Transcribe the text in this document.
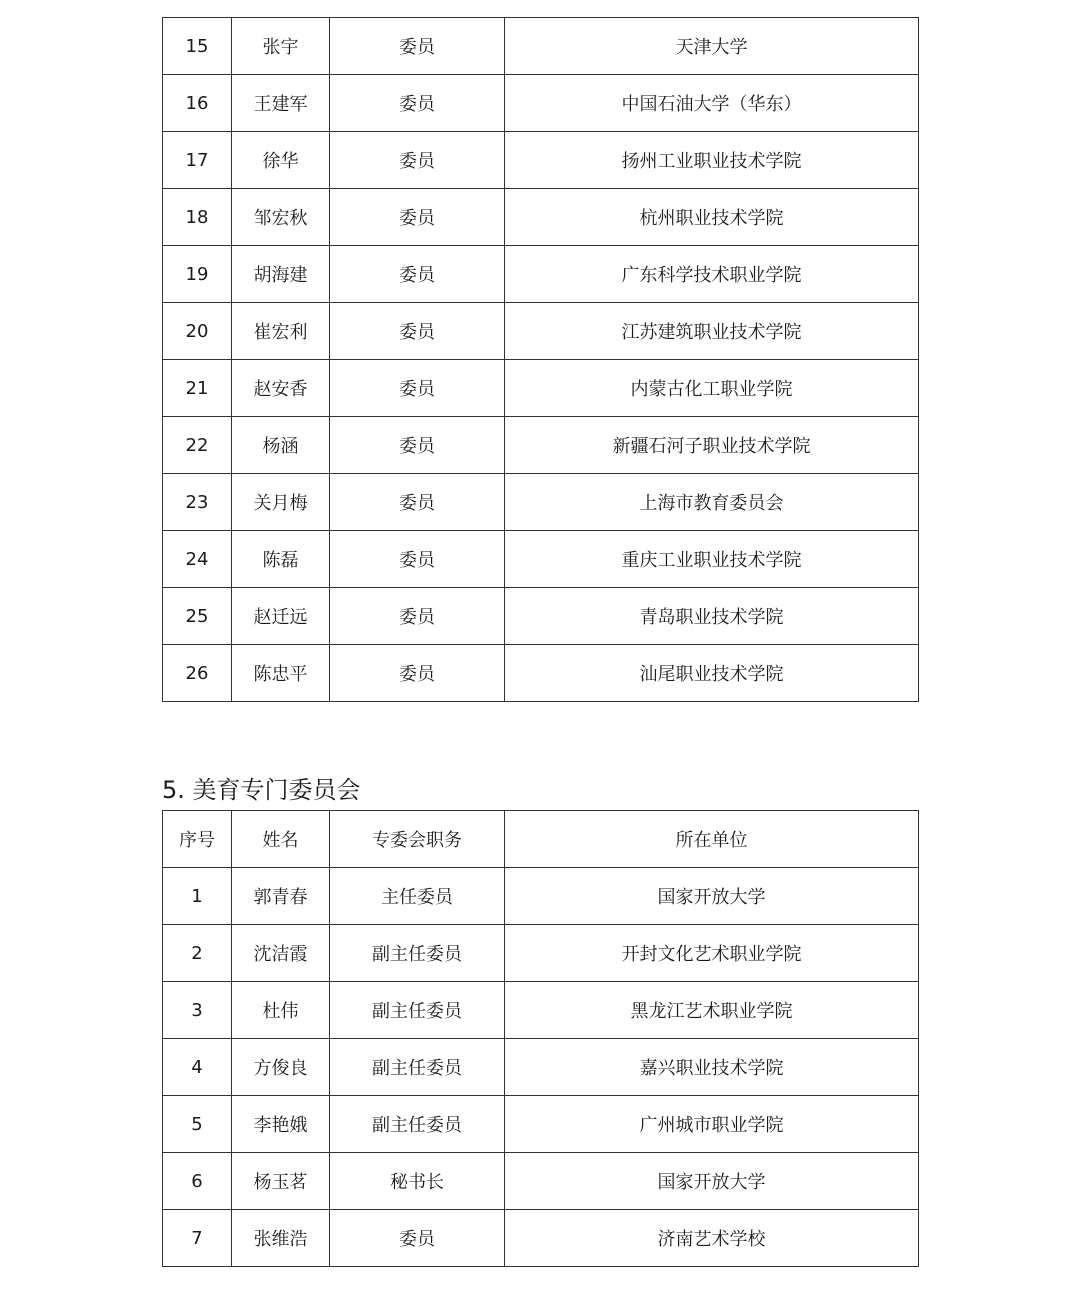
15	张宇	委员	天津大学
16	王建军	委员	中国石油大学（华东）
17	徐华	委员	扬州工业职业技术学院
18	邹宏秋	委员	杭州职业技术学院
19	胡海建	委员	广东科学技术职业学院
20	崔宏利	委员	江苏建筑职业技术学院
21	赵安香	委员	内蒙古化工职业学院
22	杨涵	委员	新疆石河子职业技术学院
23	关月梅	委员	上海市教育委员会
24	陈磊	委员	重庆工业职业技术学院
25	赵迁远	委员	青岛职业技术学院
26	陈忠平	委员	汕尾职业技术学院
5. 美育专门委员会
序号	姓名	专委会职务	所在单位
1	郭青春	主任委员	国家开放大学
2	沈洁霞	副主任委员	开封文化艺术职业学院
3	杜伟	副主任委员	黑龙江艺术职业学院
4	方俊良	副主任委员	嘉兴职业技术学院
5	李艳娥	副主任委员	广州城市职业学院
6	杨玉茗	秘书长	国家开放大学
7	张维浩	委员	济南艺术学校
